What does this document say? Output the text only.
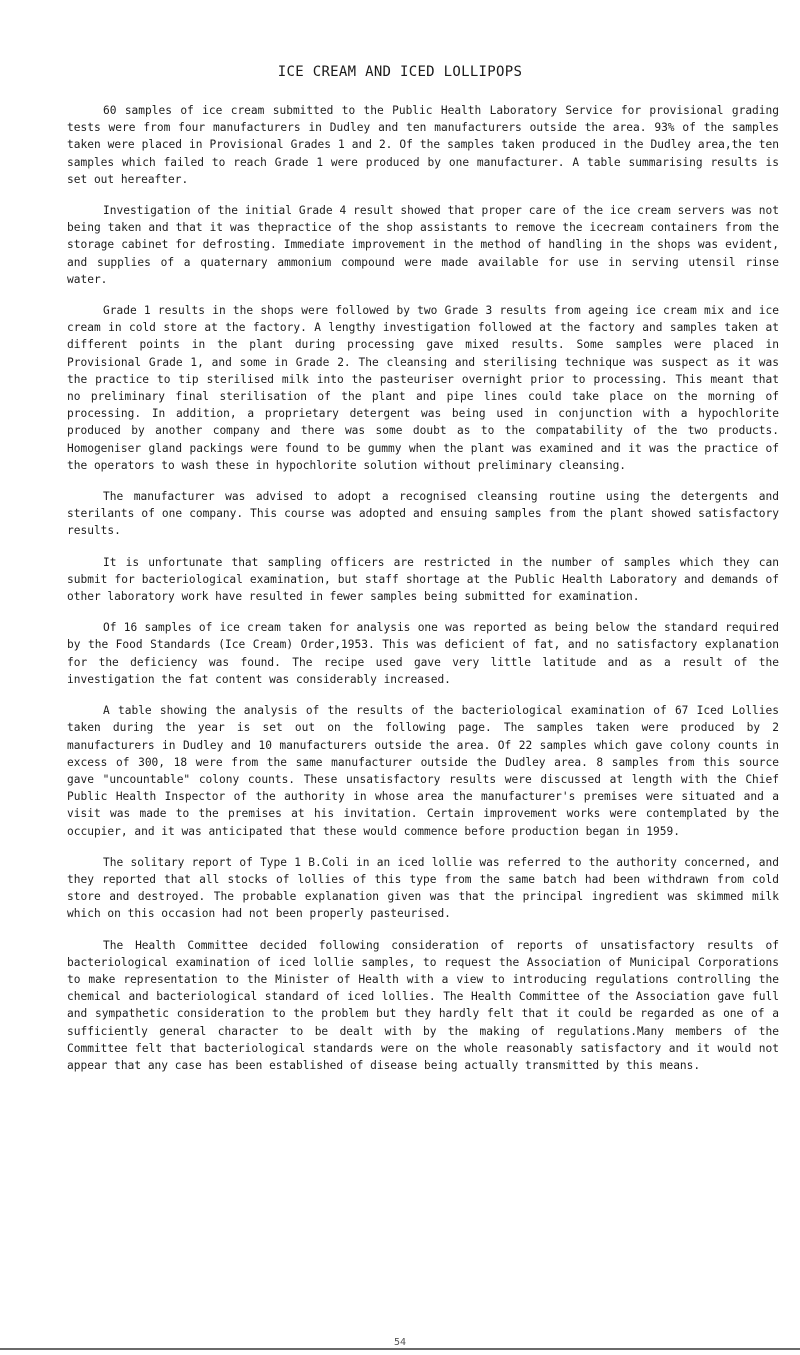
ICE CREAM AND ICED LOLLIPOPS

60 samples of ice cream submitted to the Public Health Laboratory Service for provisional grading tests were from four manufacturers in Dudley and ten manufacturers outside the area. 93% of the samples taken were placed in Provisional Grades 1 and 2. Of the samples taken produced in the Dudley area,the ten samples which failed to reach Grade 1 were produced by one manufacturer. A table summarising results is set out hereafter.

Investigation of the initial Grade 4 result showed that proper care of the ice cream servers was not being taken and that it was thepractice of the shop assistants to remove the icecream containers from the storage cabinet for defrosting. Immediate improvement in the method of handling in the shops was evident, and supplies of a quaternary ammonium compound were made available for use in serving utensil rinse water.

Grade 1 results in the shops were followed by two Grade 3 results from ageing ice cream mix and ice cream in cold store at the factory. A lengthy investigation followed at the factory and samples taken at different points in the plant during processing gave mixed results. Some samples were placed in Provisional Grade 1, and some in Grade 2. The cleansing and sterilising technique was suspect as it was the practice to tip sterilised milk into the pasteuriser overnight prior to processing. This meant that no preliminary final sterilisation of the plant and pipe lines could take place on the morning of processing. In addition, a proprietary detergent was being used in conjunction with a hypochlorite produced by another company and there was some doubt as to the compatability of the two products. Homogeniser gland packings were found to be gummy when the plant was examined and it was the practice of the operators to wash these in hypochlorite solution without preliminary cleansing.

The manufacturer was advised to adopt a recognised cleansing routine using the detergents and sterilants of one company. This course was adopted and ensuing samples from the plant showed satisfactory results.

It is unfortunate that sampling officers are restricted in the number of samples which they can submit for bacteriological examination, but staff shortage at the Public Health Laboratory and demands of other laboratory work have resulted in fewer samples being submitted for examination.

Of 16 samples of ice cream taken for analysis one was reported as being below the standard required by the Food Standards (Ice Cream) Order,1953. This was deficient of fat, and no satisfactory explanation for the deficiency was found. The recipe used gave very little latitude and as a result of the investigation the fat content was considerably increased.

A table showing the analysis of the results of the bacteriological examination of 67 Iced Lollies taken during the year is set out on the following page. The samples taken were produced by 2 manufacturers in Dudley and 10 manufacturers outside the area. Of 22 samples which gave colony counts in excess of 300, 18 were from the same manufacturer outside the Dudley area. 8 samples from this source gave "uncountable" colony counts. These unsatisfactory results were discussed at length with the Chief Public Health Inspector of the authority in whose area the manufacturer's premises were situated and a visit was made to the premises at his invitation. Certain improvement works were contemplated by the occupier, and it was anticipated that these would commence before production began in 1959.

The solitary report of Type 1 B.Coli in an iced lollie was referred to the authority concerned, and they reported that all stocks of lollies of this type from the same batch had been withdrawn from cold store and destroyed. The probable explanation given was that the principal ingredient was skimmed milk which on this occasion had not been properly pasteurised.

The Health Committee decided following consideration of reports of unsatisfactory results of bacteriological examination of iced lollie samples, to request the Association of Municipal Corporations to make representation to the Minister of Health with a view to introducing regulations controlling the chemical and bacteriological standard of iced lollies. The Health Committee of the Association gave full and sympathetic consideration to the problem but they hardly felt that it could be regarded as one of a sufficiently general character to be dealt with by the making of regulations.Many members of the Committee felt that bacteriological standards were on the whole reasonably satisfactory and it would not appear that any case has been established of disease being actually transmitted by this means.

54
